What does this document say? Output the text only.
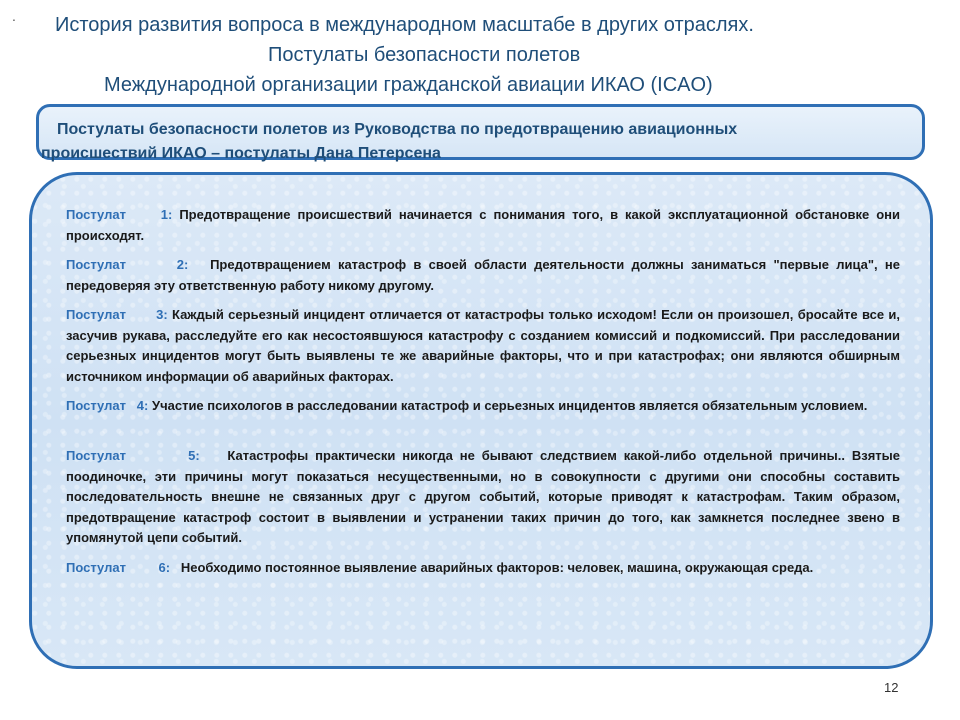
. История развития вопроса в международном масштабе в других отраслях.
Постулаты безопасности полетов
Международной организации гражданской авиации ИКАО (ICAO)
Постулаты безопасности полетов из Руководства по предотвращению авиационных
происшествий ИКАО – постулаты Дана Петерсена
Постулат	1: Предотвращение происшествий начинается с понимания того, в какой эксплуатационной обстановке они происходят.
Постулат	2: Предотвращением катастроф в своей области деятельности должны заниматься "первые лица", не передоверяя эту ответственную работу никому другому.
Постулат 3: Каждый серьезный инцидент отличается от катастрофы только исходом! Если он произошел, бросайте все и, засучив рукава, расследуйте его как несостоявшуюся катастрофу с созданием комиссий и подкомиссий. При расследовании серьезных инцидентов могут быть выявлены те же аварийные факторы, что и при катастрофах; они являются обширным источником информации об аварийных факторах.
Постулат 4: Участие психологов в расследовании катастроф и серьезных инцидентов является обязательным условием.
Постулат	5: Катастрофы практически никогда не бывают следствием какой-либо отдельной причины.. Взятые поодиночке, эти причины могут показаться несущественными, но в совокупности с другими они способны составить последовательность внешне не связанных друг с другом событий, которые приводят к катастрофам. Таким образом, предотвращение катастроф состоит в выявлении и устранении таких причин до того, как замкнется последнее звено в упомянутой цепи событий.
Постулат	6: Необходимо постоянное выявление аварийных факторов: человек, машина, окружающая среда.
12
